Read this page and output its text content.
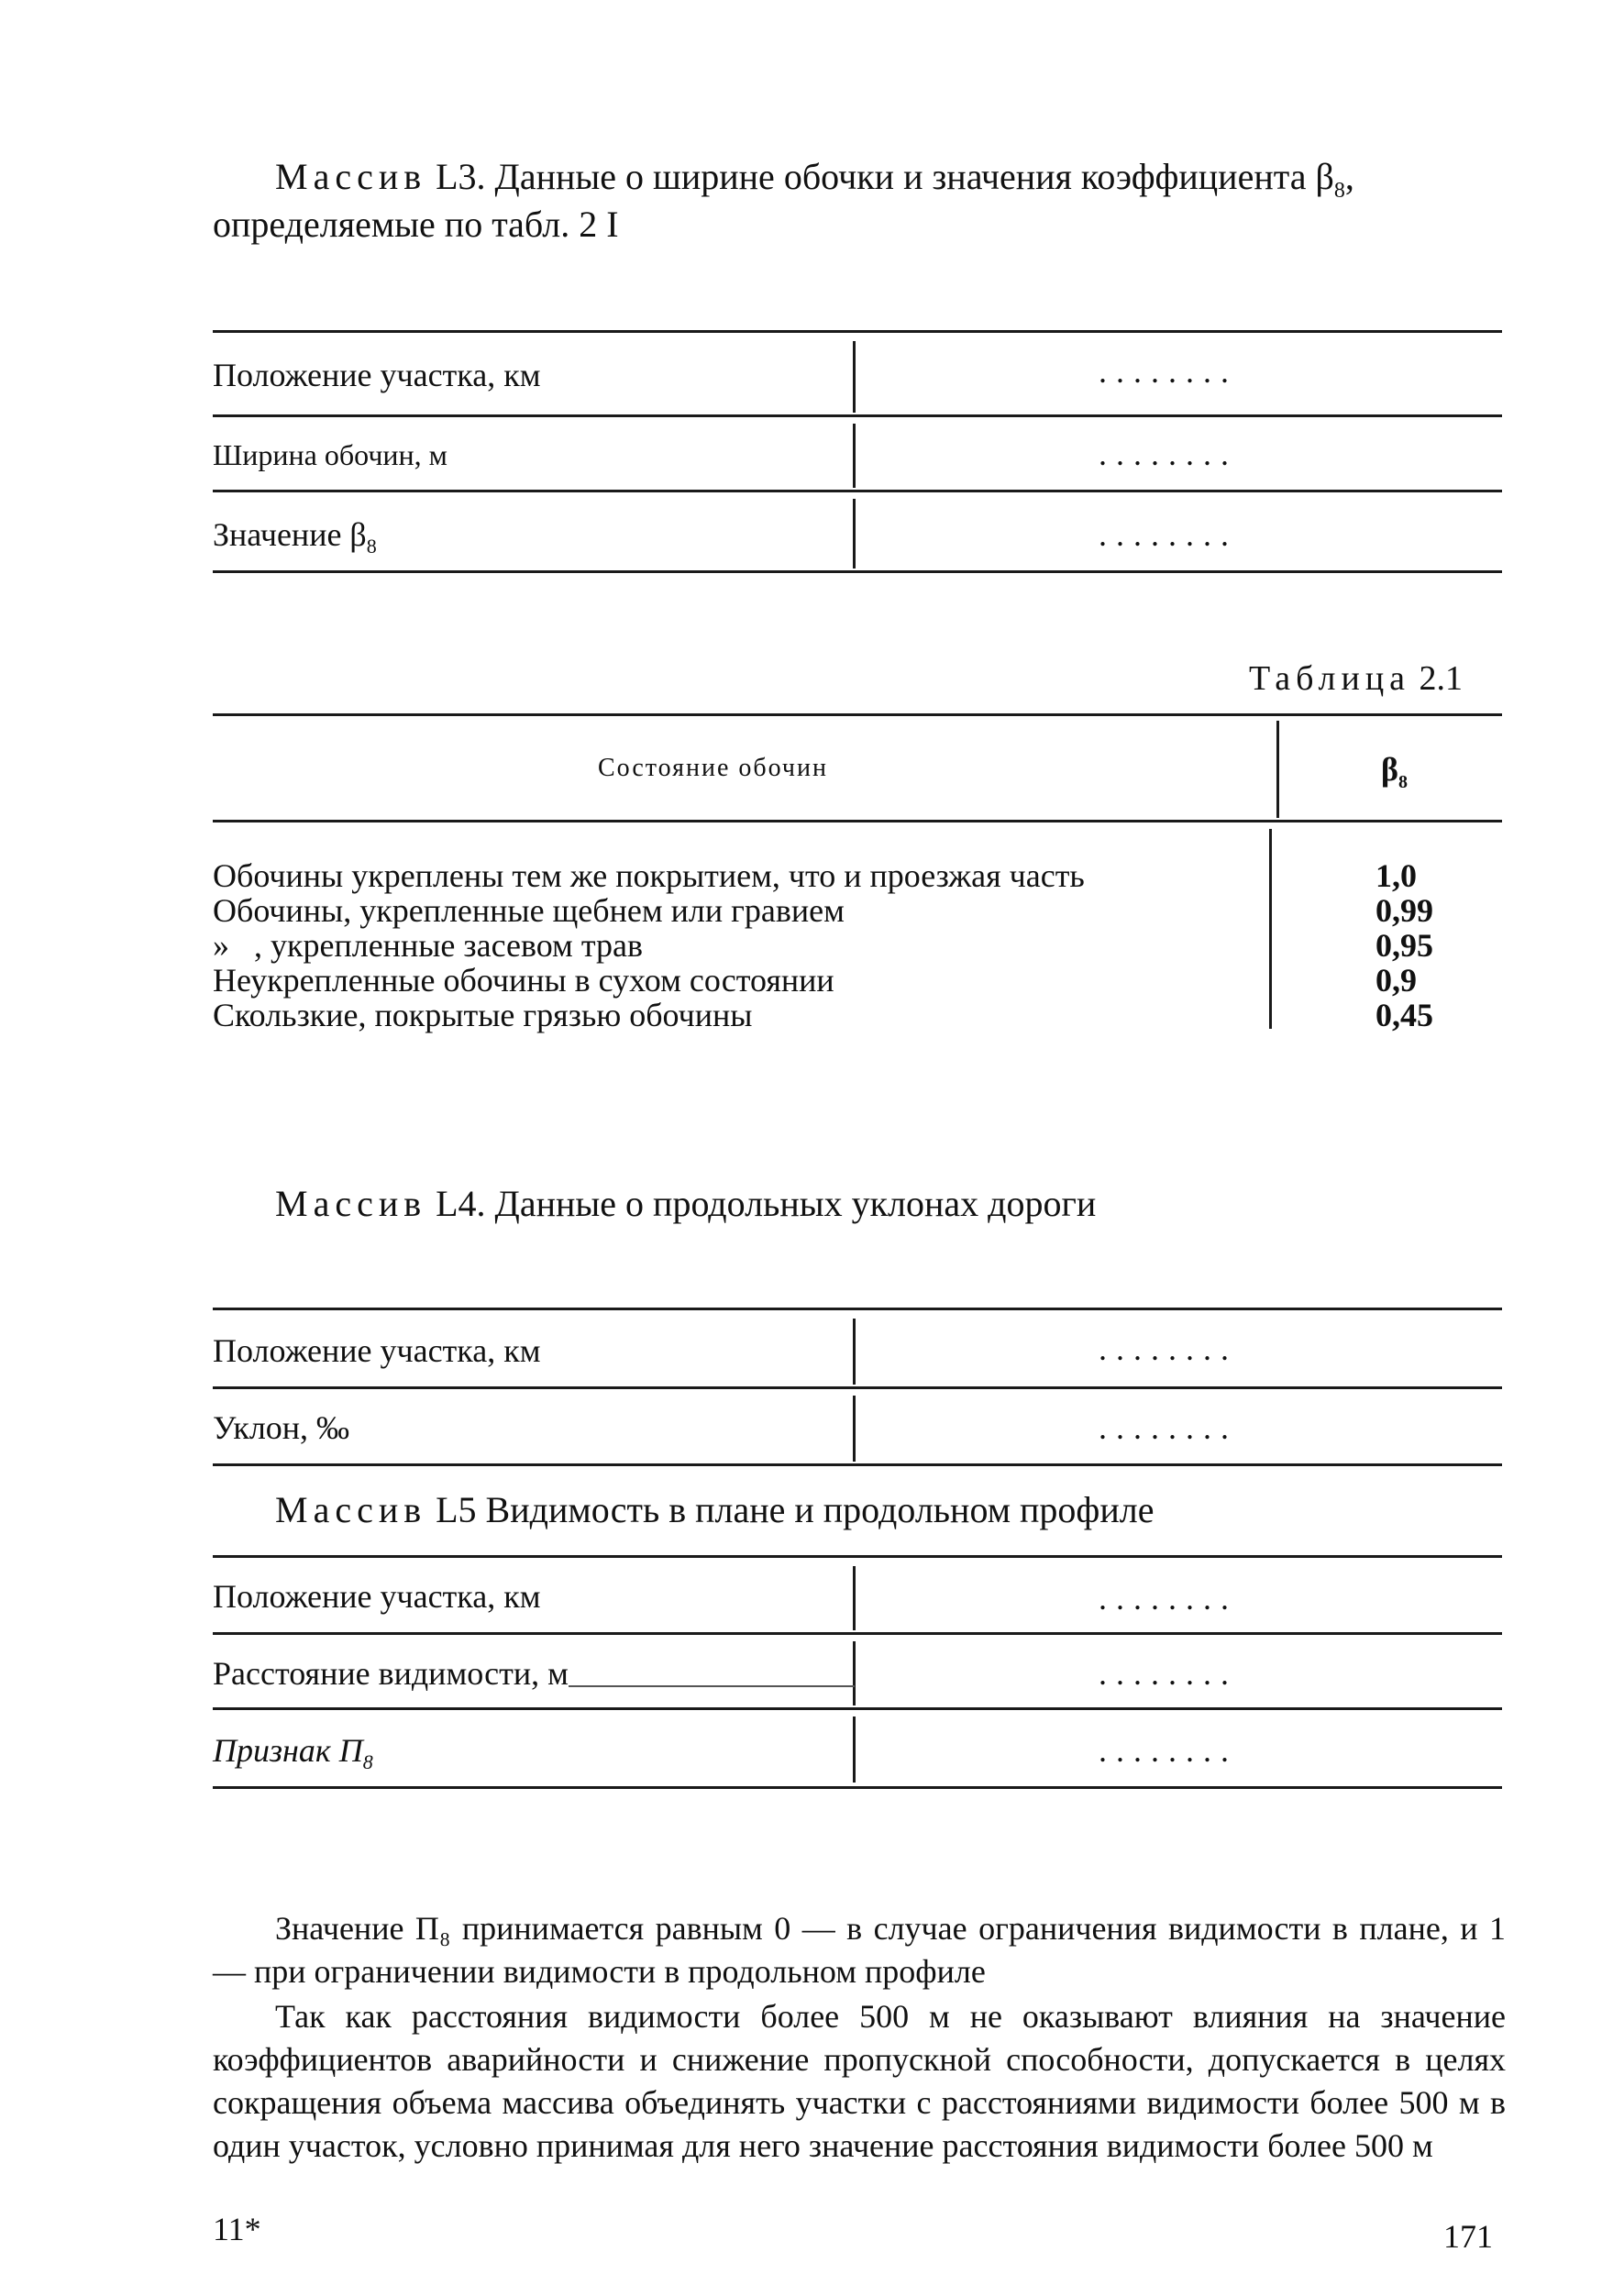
Массив L3. Данные о ширине обочки и значения коэффициента $\beta_8$,
определяемые по табл. 2 I
Положение участка, км	........
Ширина обочин, м	........
Значение $\beta_8$	........
Таблица 2.1
Состояние обочин	$\beta_8$
Обочины укреплены тем же покрытием, что и проезжая часть	1,0
Обочины, укрепленные щебнем или гравием	0,99
»   , укрепленные засевом трав	0,95
Неукрепленные обочины в сухом состоянии	0,9
Скользкие, покрытые грязью обочины	0,45
Массив L4. Данные о продольных уклонах дороги
Положение участка, км	........
Уклон, ‰	........
Массив L5 Видимость в плане и продольном профиле
Положение участка, км	........
Расстояние видимости, м	........
Признак $П_8$	........
Значение П₈ принимается равным 0 — в случае ограничения видимости в плане, и 1 — при ограничении видимости в продольном профиле
Так как расстояния видимости более 500 м не оказывают влияния на значение коэффициентов аварийности и снижение пропускной способности, допускается в целях сокращения объема массива объединять участки с расстояниями видимости более 500 м в один участок, условно принимая для него значение расстояния видимости более 500 м
11*	171
